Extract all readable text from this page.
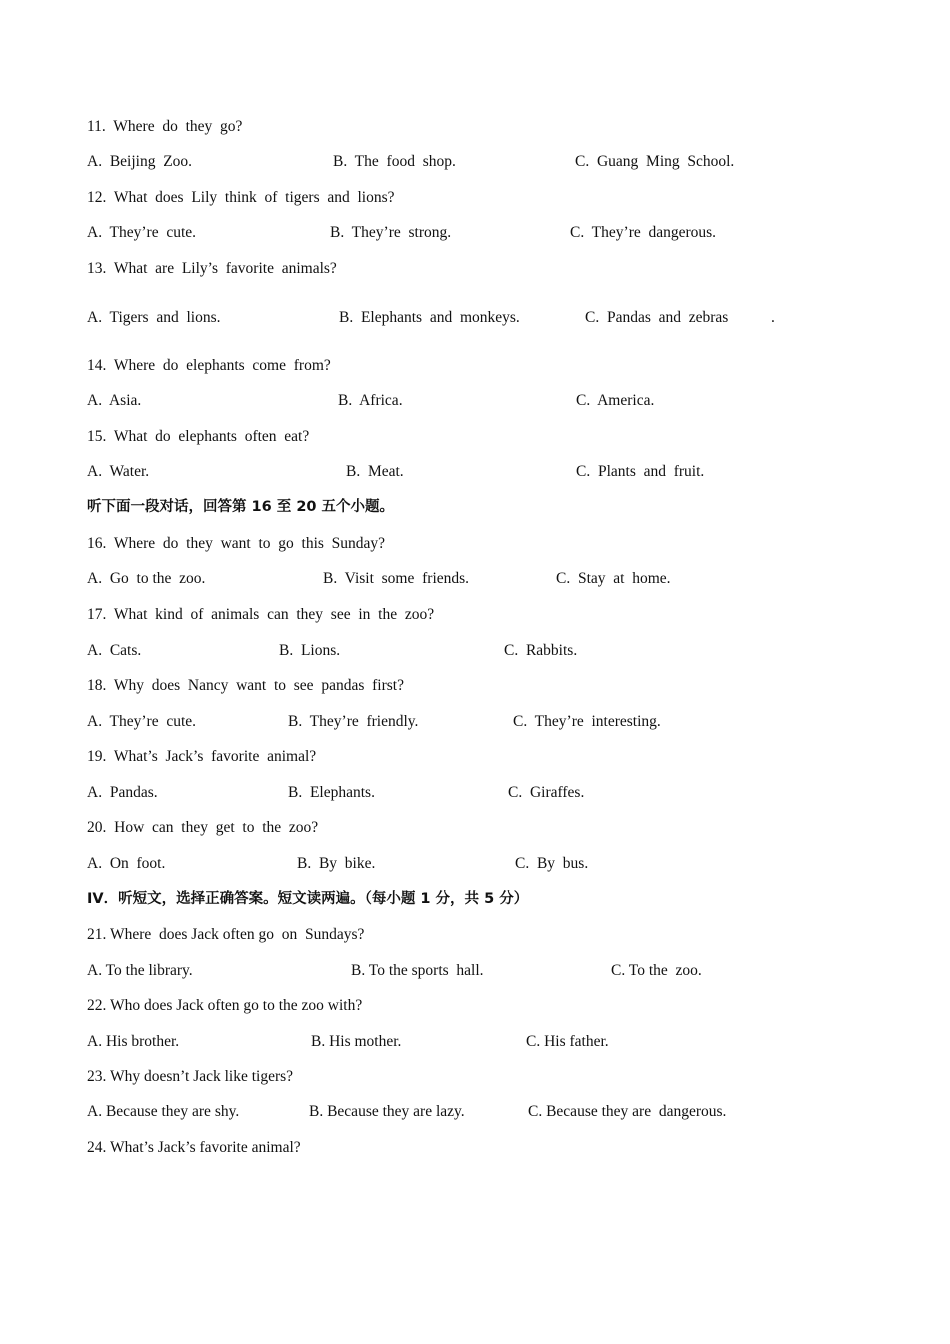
11.  Where  do  they  go?
A.  Beijing  Zoo.	B.  The  food  shop.	C.  Guang  Ming  School.
12.  What  does  Lily  think  of  tigers  and  lions?
A.  They’re  cute.	B.  They’re  strong.	C.  They’re  dangerous.
13.  What  are  Lily’s  favorite  animals?
A.  Tigers  and  lions.	B.  Elephants  and  monkeys.	C.  Pandas  and  zebras	.
14.  Where  do  elephants  come  from?
A.  Asia.	B.  Africa.	C.  America.
15.  What  do  elephants  often  eat?
A.  Water.	B.  Meat.	C.  Plants  and  fruit.
听下面一段对话，回答第 16 至 20 五个小题。
16.  Where  do  they  want  to  go  this  Sunday?
A.  Go  to the  zoo.	B.  Visit  some  friends.	C.  Stay  at  home.
17.  What  kind  of  animals  can  they  see  in  the  zoo?
A.  Cats.	B.  Lions.	C.  Rabbits.
18.  Why  does  Nancy  want  to  see  pandas  first?
A.  They’re  cute.	B.  They’re  friendly.	C.  They’re  interesting.
19.  What’s  Jack’s  favorite  animal?
A.  Pandas.	B.  Elephants.	C.  Giraffes.
20.  How  can  they  get  to  the  zoo?
A.  On  foot.	B.  By  bike.	C.  By  bus.
IV．听短文，选择正确答案。短文读两遍。（每小题 1 分，共 5 分）
21. Where  does Jack often go  on  Sundays?
A. To the library.	B. To the sports  hall.	C. To the  zoo.
22. Who does Jack often go to the zoo with?
A. His brother.	B. His mother.	C. His father.
23. Why doesn’t Jack like tigers?
A. Because they are shy.	B. Because they are lazy.	C. Because they are  dangerous.
24. What’s Jack’s favorite animal?
